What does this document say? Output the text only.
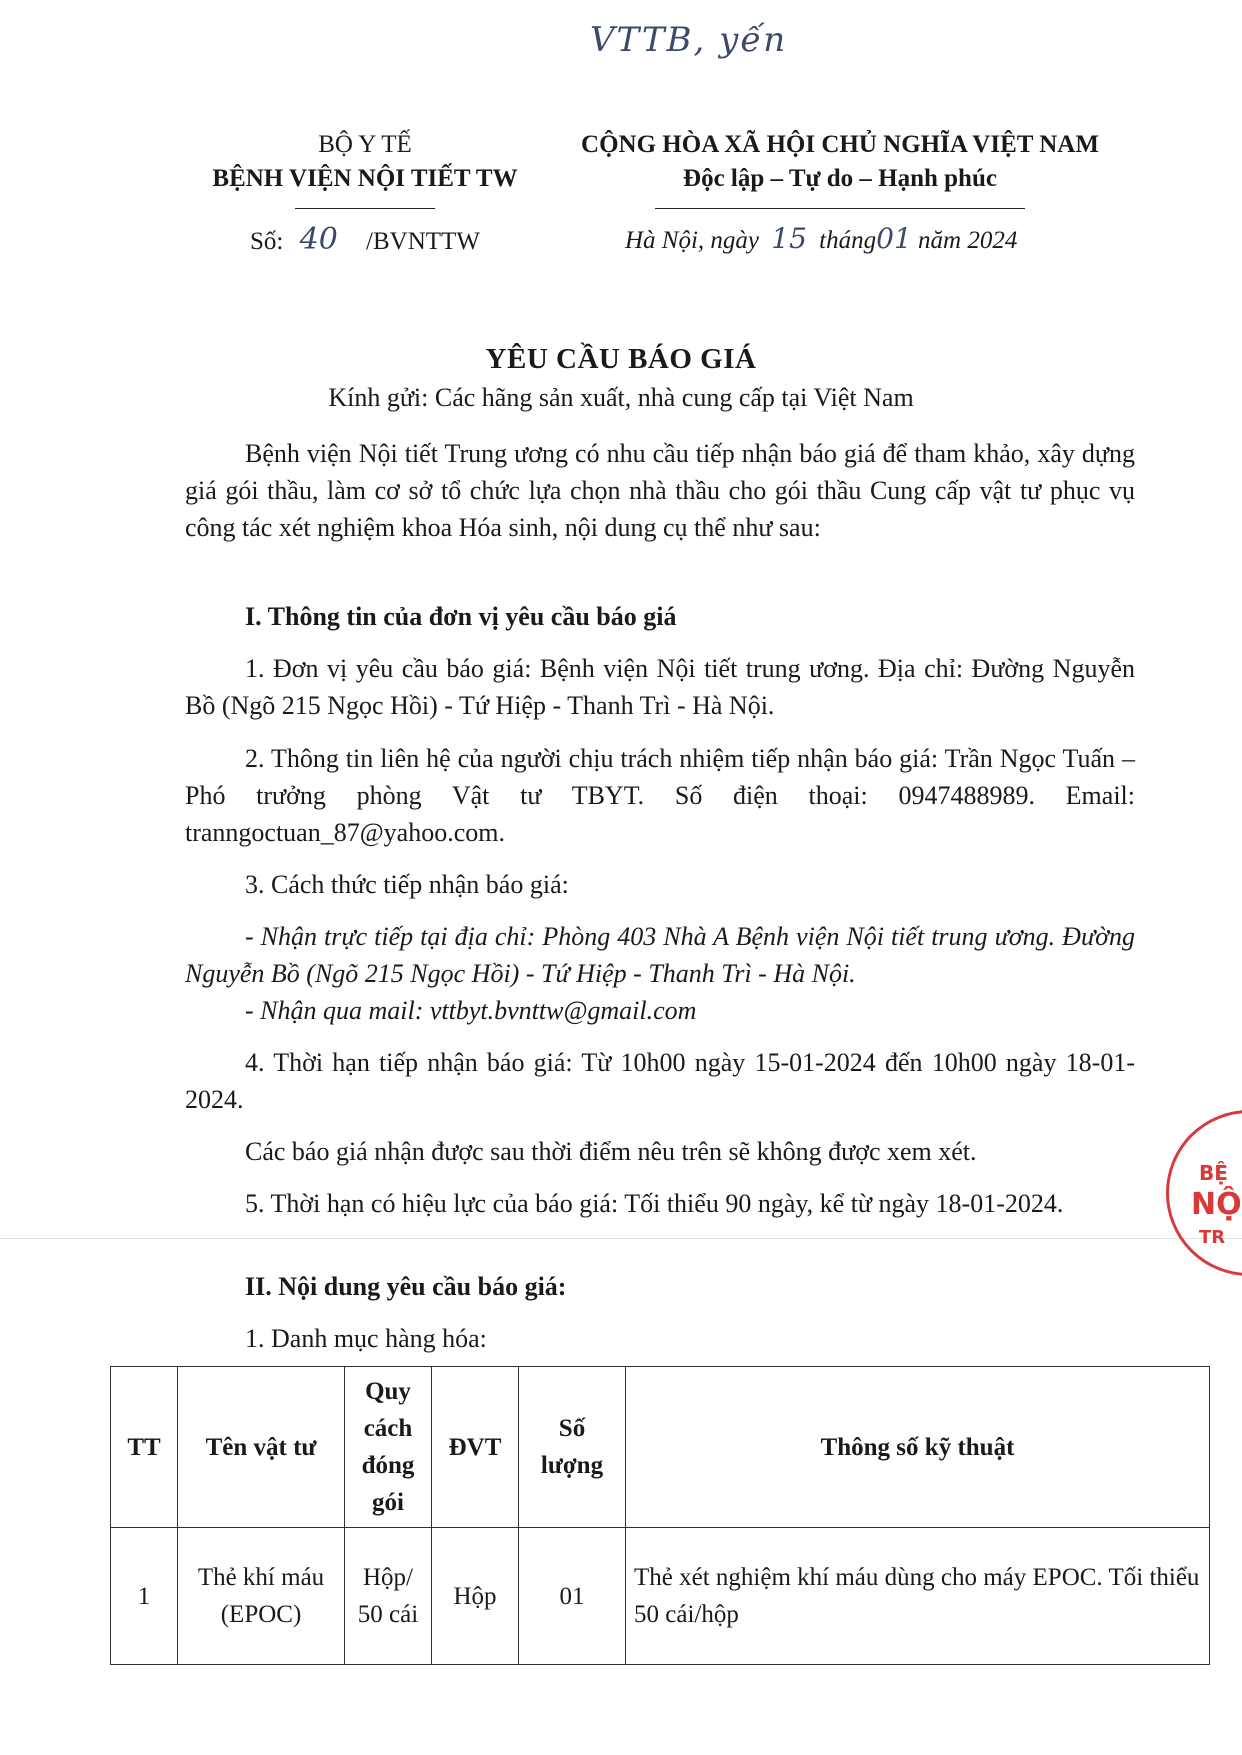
VTTB, yến
BỘ Y TẾ
BỆNH VIỆN NỘI TIẾT TW
CỘNG HÒA XÃ HỘI CHỦ NGHĨA VIỆT NAM
Độc lập – Tự do – Hạnh phúc
Số: 40 /BVNTTW	Hà Nội, ngày 15 tháng01 năm 2024
YÊU CẦU BÁO GIÁ
Kính gửi: Các hãng sản xuất, nhà cung cấp tại Việt Nam
Bệnh viện Nội tiết Trung ương có nhu cầu tiếp nhận báo giá để tham khảo, xây dựng giá gói thầu, làm cơ sở tổ chức lựa chọn nhà thầu cho gói thầu Cung cấp vật tư phục vụ công tác xét nghiệm khoa Hóa sinh, nội dung cụ thể như sau:
I. Thông tin của đơn vị yêu cầu báo giá
1. Đơn vị yêu cầu báo giá: Bệnh viện Nội tiết trung ương. Địa chỉ: Đường Nguyễn Bồ (Ngõ 215 Ngọc Hồi) - Tứ Hiệp - Thanh Trì - Hà Nội.
2. Thông tin liên hệ của người chịu trách nhiệm tiếp nhận báo giá: Trần Ngọc Tuấn – Phó trưởng phòng Vật tư TBYT. Số điện thoại: 0947488989. Email: tranngoctuan_87@yahoo.com.
3. Cách thức tiếp nhận báo giá:
- Nhận trực tiếp tại địa chỉ: Phòng 403 Nhà A Bệnh viện Nội tiết trung ương. Đường Nguyễn Bồ (Ngõ 215 Ngọc Hồi) - Tứ Hiệp - Thanh Trì - Hà Nội.
- Nhận qua mail: vttbyt.bvnttw@gmail.com
4. Thời hạn tiếp nhận báo giá: Từ 10h00 ngày 15-01-2024 đến 10h00 ngày 18-01-2024.
Các báo giá nhận được sau thời điểm nêu trên sẽ không được xem xét.
5. Thời hạn có hiệu lực của báo giá: Tối thiểu 90 ngày, kể từ ngày 18-01-2024.
II. Nội dung yêu cầu báo giá:
1. Danh mục hàng hóa:
TT	Tên vật tư	Quy cách đóng gói	ĐVT	Số lượng	Thông số kỹ thuật
1	Thẻ khí máu (EPOC)	Hộp/ 50 cái	Hộp	01	Thẻ xét nghiệm khí máu dùng cho máy EPOC. Tối thiểu 50 cái/hộp
BỆ
NỘ
TR
